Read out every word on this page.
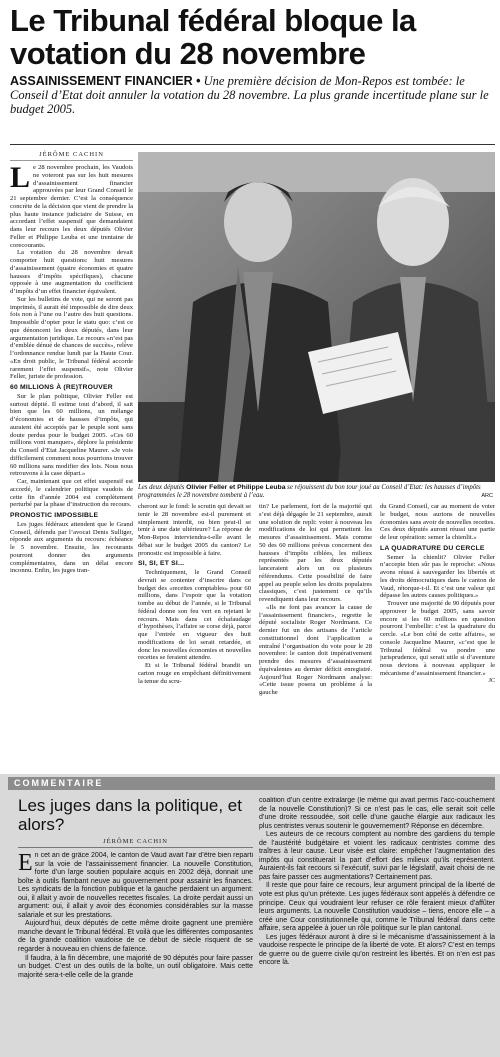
Le Tribunal fédéral bloque la votation du 28 novembre
ASSAINISSEMENT FINANCIER • Une première décision de Mon-Repos est tombée: le Conseil d’Etat doit annuler la votation du 28 novembre. La plus grande incertitude plane sur le budget 2005.
JÉRÔME CACHIN

Le 28 novembre prochain, les Vaudois ne voteront pas sur les huit mesures d’assainissement financier approuvées par leur Grand Conseil le 21 septembre dernier. C’est la conséquence concrète de la décision que vient de prendre la plus haute instance judiciaire de Suisse, en accordant l’effet suspensif que demandaient dans leur recours les deux députés Olivier Feller et Philippe Leuba et une trentaine de corecourants.

La votation du 28 novembre devait comporter huit questions: huit mesures d’assainissement (quatre économies et quatre hausses d’impôts spécifiques), chacune opposée à une augmentation du coefficient d’impôts d’un effet financier équivalent.

Sur les bulletins de vote, qui ne seront pas imprimés, il aurait été impossible de dire deux fois non à l’une ou l’autre des huit questions. Impossible d’opter pour le statu quo: c’est ce que dénoncent les deux députés, dans leur argumentation juridique. Le recours «n’est pas d’emblée dénué de chances de succès», relève l’ordonnance rendue lundi par la Haute Cour. «En droit public, le Tribunal fédéral accorde rarement l’effet suspensif», note Olivier Feller, juriste de profession.

60 MILLIONS À (RE)TROUVER

Sur le plan politique, Olivier Feller est surtout dépité. Il estime tout d’abord, il sait bien que les 60 millions, un mélange d’économies et de hausses d’impôts, qui auraient été acceptés par le peuple sont sans doute perdus pour le budget 2005. «Ces 60 millions vont manquer», déplore la présidente du Conseil d’Etat Jacqueline Maurer. «Je vois difficilement comment nous pourrions trouver 60 millions sans modifier des lois. Nous nous retrouvons à la case départ.»

Car, maintenant que cet effet suspensif est accordé, le calendrier politique vaudois de cette fin d’année 2004 est complètement perturbé par la phase d’instruction du recours.

PRONOSTIC IMPOSSIBLE

Les juges fédéraux attendent que le Grand Conseil, défendu par l’avocat Denis Sulliger, réponde aux arguments du recours: échéance le 5 novembre. Ensuite, les recourants pourront donner des arguments complémentaires, dans un délai encore inconnu. Enfin, les juges tran-

Les deux députés Olivier Feller et Philippe Leuba se réjouissent du bon tour joué au Conseil d’Etat: les hausses d’impôts programmées le 28 novembre tombent à l’eau.	ARC

cheront sur le fond: le scrutin qui devait se tenir le 28 novembre est-il purement et simplement interdit, ou bien peut-il se tenir à une date ultérieure? La réponse de Mon-Repos interviendra-t-elle avant le débat sur le budget 2005 du canton? Le pronostic est impossible à faire.

SI, SI, ET SI...

Techniquement, le Grand Conseil devrait se contenter d’inscrire dans ce budget des «recettes comptables» pour 60 millions, dans l’espoir que la votation tombe au début de l’année, si le Tribunal fédéral donne son feu vert en rejetant le recours. Mais dans cet échafaudage d’hypothèses, l’affaire se corse déjà, parce que l’entrée en vigueur des huit modifications de loi serait retardée, et donc les nouvelles économies et nouvelles recettes se feraient attendre.

Et si le Tribunal fédéral brandit un carton rouge en empêchant définitivement la tenue du scru-

tin? Le parlement, fort de la majorité qui s’est déjà dégagée le 21 septembre, aurait une solution de repli: voter à nouveau les modifications de loi qui permettent les mesures d’assainissement. Mais comme 50 des 60 millions prévus concernent des hausses d’impôts ciblées, les milieux représentés par les deux députés lanceraient alors un ou plusieurs référendums. Cette possibilité de faire appel au peuple selon les droits populaires classiques, c’est justement ce qu’ils revendiquent dans leur recours.

«Ils ne font pas avancer la cause de l’assainissement financier», regrette le député socialiste Roger Nordmann. Ce dernier fut un des artisans de l’article constitutionnel dont l’application a entraîné l’organisation du vote pour le 28 novembre: le canton doit impérativement prendre des mesures d’assainissement équivalentes au dernier déficit enregistré. Aujourd’hui Roger Nordmann analyse: «Cette issue posera un problème à la gauche

du Grand Conseil, car au moment de voter le budget, nous aurions de nouvelles économies sans avoir de nouvelles recettes. Ces deux députés auront réussi une partie de leur opération: semer la chienlit.»

LA QUADRATURE DU CERCLE

Semer la chienlit? Olivier Feller n’accepte bien sûr pas le reproche: «Nous avons réussi à sauvegarder les libertés et les droits démocratiques dans le canton de Vaud, rétorque-t-il. Et c’est une valeur qui dépasse les autres causes politiques.»

Trouver une majorité de 90 députés pour approuver le budget 2005, sans savoir encore si les 60 millions en question pourront l’embellir: c’est la quadrature du cercle. «Le bon côté de cette affaire», se console Jacqueline Maurer, «c’est que le Tribunal fédéral va pondre une jurisprudence, qui serait utile si d’aventure nous devions à nouveau appliquer le mécanisme d’assainissement financier.»

JC
COMMENTAIRE
Les juges dans la politique, et alors?
JÉRÔME CACHIN

En cet an de grâce 2004, le canton de Vaud avait l’air d’être bien reparti sur la voie de l’assainissement financier. La nouvelle Constitution, forte d’un large soutien populaire acquis en 2002 déjà, donnait une boîte à outils flambant neuve au gouvernement pour assainir les finances. Les syndicats de la fonction publique et la gauche perdaient un argument: oui, il allait y avoir de nouvelles recettes fiscales. La droite perdait aussi un argument: oui, il allait y avoir des économies considérables sur la masse salariale et sur les prestations.

Aujourd’hui, deux députés de cette même droite gagnent une première manche devant le Tribunal fédéral. Et voilà que les différentes composantes de la grande coalition vaudoise de ce début de siècle risquent de se regarder à nouveau en chiens de faïence.

Il faudra, à la fin décembre, une majorité de 90 députés pour faire passer un budget. C’est un des outils de la boîte, un outil obligatoire. Mais cette majorité sera-t-elle celle de la grande

coalition d’un centre extralarge (le même qui avait permis l’acc-couchement de la nouvelle Constitution)? Si ce n’est pas le cas, elle serait soit celle d’une droite ressoudée, soit celle d’une gauche élargie aux radicaux les plus centristes venus soutenir le gouvernement? Réponse en décembre.

Les auteurs de ce recours comptent au nombre des gardiens du temple de l’austérité budgétaire et voient les radicaux centristes comme des traîtres à leur cause. Leur visée est claire: empêcher l’augmentation des impôts qui constituerait la part d’effort des milieux qu’ils représentent. Auraient-ils fait recours si l’exécutif, suivi par le législatif, avait choisi de ne pas faire passer ces augmentations? Certainement pas.

Il reste que pour faire ce recours, leur argument principal de la liberté de vote est plus qu’un prétexte. Les juges fédéraux sont appelés à défendre ce principe. Ceux qui voudraient leur refuser ce rôle feraient mieux d’affûter leurs arguments. La nouvelle Constitution vaudoise – tiens, encore elle – a créé une Cour constitutionnelle qui, comme le Tribunal fédéral dans cette affaire, sera appelée à jouer un rôle politique sur le plan cantonal.

Les juges fédéraux auront à dire si le mécanisme d’assainissement à la vaudoise respecte le principe de la liberté de vote. Et alors? C’est en temps de guerre ou de guerre civile qu’on restreint les libertés. Et on n’en est pas encore là.
